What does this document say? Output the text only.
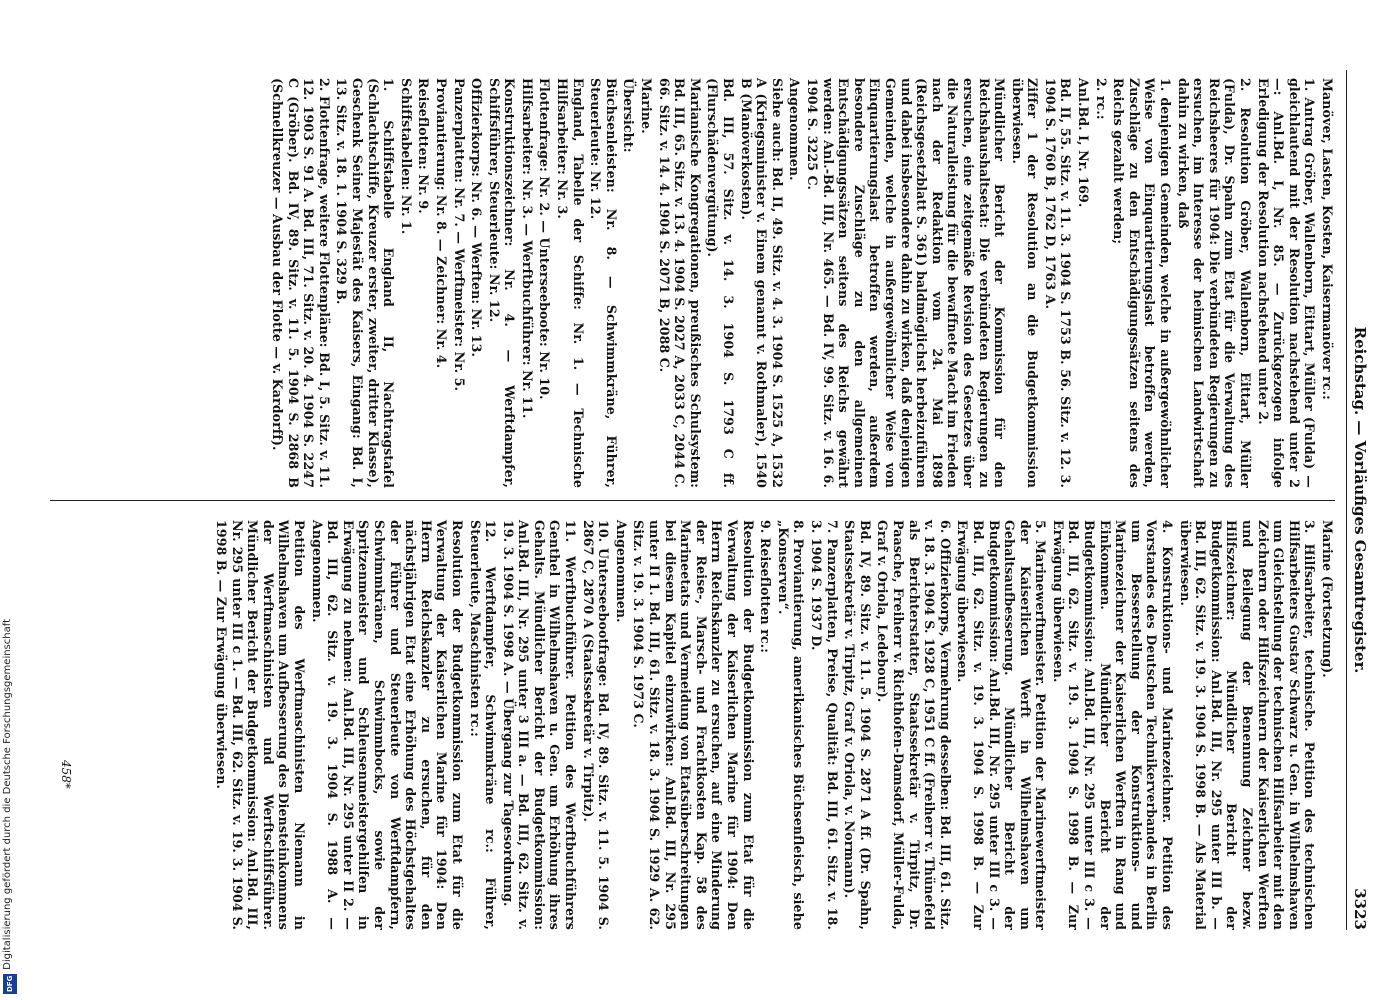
Digitalisierung gefördert durch die Deutsche Forschungsgemeinschaft
DFG
Reichstag. — Vorläufiges Gesamtregister.
3323

Manöver, Lasten, Kosten, Kaisermanöver rc.:

1. Antrag Gröber, Wallenborn, Eittart, Müller (Fulda) — gleichlautend mit der Resolution nachstehend unter 2 —: Anl.Bd. I, Nr. 85. — Zurückgezogen infolge Erledigung der Resolution nachstehend unter 2.

2. Resolution Gröber, Wallenborn, Eittart, Müller (Fulda), Dr. Spahn zum Etat für die Verwaltung des Reichsheeres für 1904: Die verbündeten Regierungen zu ersuchen, im Interesse der heimischen Landwirtschaft dahin zu wirken, daß

1. denjenigen Gemeinden, welche in außergewöhnlicher Weise von Einquartierungslast betroffen werden, Zuschläge zu den Entschädigungssätzen seitens des Reichs gezahlt werden;

2. rc.:

Anl.Bd. I, Nr. 169.

Bd. II, 55. Sitz. v. 11. 3. 1904 S. 1753 B. 56. Sitz. v. 12. 3. 1904 S. 1760 B, 1762 D, 1763 A.

Ziffer 1 der Resolution an die Budgetkommission überwiesen.

Mündlicher Bericht der Kommission für den Reichshaushaltsetat: Die verbündeten Regierungen zu ersuchen, eine zeitgemäße Revision des Gesetzes über die Naturalleistung für die bewaffnete Macht im Frieden nach der Redaktion vom 24. Mai 1898 (Reichsgesetzblatt S. 361) baldmöglichst herbeizuführen und dabei insbesondere dahin zu wirken, daß denjenigen Gemeinden, welche in außergewöhnlicher Weise von Einquartierungslast betroffen werden, außerdem besondere Zuschläge zu den allgemeinen Entschädigungssätzen seitens des Reichs gewährt werden: Anl.-Bd. III, Nr. 465. — Bd. IV, 99. Sitz. v. 16. 6. 1904 S. 3225 C.

Angenommen.

Siehe auch: Bd. II, 49. Sitz. v. 4. 3. 1904 S. 1525 A, 1532 A (Kriegsminister v. Einem genannt v. Rothmaler), 1540 B (Manöverkosten).

Bd. III, 57. Sitz. v. 14. 3. 1904 S. 1793 C ff. (Flurschädenvergütung).

Marianische Kongregationen, preußisches Schulsystem: Bd. III, 65. Sitz. v. 13. 4. 1904 S. 2027 A, 2033 C, 2044 C. 66. Sitz. v. 14. 4. 1904 S. 2071 B, 2088 C.

Marine.

Übersicht:

Büchsenleisten: Nr. 8. — Schwimmkräne, Führer, Steuerleute: Nr. 12.

England, Tabelle der Schiffe: Nr. 1. — Technische Hilfsarbeiter: Nr. 3.

Flottenfrage: Nr. 2. — Unterseeboote: Nr. 10.

Hilfsarbeiter: Nr. 3. — Werftbuchführer: Nr. 11.

Konstruktionszeichner: Nr. 4. — Werftdampfer, Schiffsführer, Steuerleute: Nr. 12.

Offizierkorps: Nr. 6. — Werften: Nr. 13.

Panzerplatten: Nr. 7. — Werftmeister: Nr. 5.

Proviantierung: Nr. 8. — Zeichner: Nr. 4.

Reiseflotten: Nr. 9.

Schiffstabellen: Nr. 1.

1. Schiffstabelle England II, Nachtragstafel (Schlachtschiffe, Kreuzer erster, zweiter, dritter Klasse), Geschenk Seiner Majestät des Kaisers, Eingang: Bd. I, 13. Sitz. v. 18. 1. 1904 S. 329 B.

2. Flottenfrage, weitere Flottenpläne: Bd. I, 5. Sitz. v. 11. 12. 1903 S. 91 A. Bd. III, 71. Sitz. v. 20. 4. 1904 S. 2247 C (Gröber). Bd. IV, 89. Sitz. v. 11. 5. 1904 S. 2868 B (Schnellkreuzer — Ausbau der Flotte — v. Kardorff).

Marine (Fortsetzung).

3. Hilfsarbeiter, technische. Petition des technischen Hilfsarbeiters Gustav Schwarz u. Gen. in Wilhelmshaven um Gleichstellung der technischen Hilfsarbeiter mit den Zeichnern oder Hilfszeichnern der Kaiserlichen Werften und Beilegung der Benennung Zeichner bezw. Hilfszeichner: Mündlicher Bericht der Budgetkommission: Anl.Bd. III, Nr. 295 unter III b. — Bd. III, 62. Sitz. v. 19. 3. 1904 S. 1998 B. — Als Material überwiesen.

4. Konstruktions- und Marinezeichner. Petition des Vorstandes des Deutschen Technikerverbandes in Berlin um Besserstellung der Konstruktions- und Marinezeichner der Kaiserlichen Werften in Rang und Einkommen. Mündlicher Bericht der Budgetkommission: Anl.Bd. III, Nr. 295 unter III c 3. — Bd. III, 62. Sitz. v. 19. 3. 1904 S. 1998 B. — Zur Erwägung überwiesen.

5. Marinewerftmeister. Petition der Marinewerftmeister der Kaiserlichen Werft in Wilhelmshaven um Gehaltsaufbesserung. Mündlicher Bericht der Budgetkommission: Anl.Bd. III, Nr. 295 unter III c 3. — Bd. III, 62. Sitz. v. 19. 3. 1904 S. 1998 B. — Zur Erwägung überwiesen.

6. Offizierkorps, Vermehrung desselben: Bd. III, 61. Sitz. v. 18. 3. 1904 S. 1928 C, 1951 C ff. (Freiherr v. Thünefeld als Berichterstatter, Staatssekretär v. Tirpitz, Dr. Paasche, Freiherr v. Richthofen-Damsdorf, Müller-Fulda, Graf v. Oriola, Ledebour).

Bd. IV, 89. Sitz. v. 11. 5. 1904 S. 2871 A ff. (Dr. Spahn, Staatssekretär v. Tirpitz, Graf v. Oriola, v. Normann).

7. Panzerplatten, Preise, Qualität: Bd. III, 61. Sitz. v. 18. 3. 1904 S. 1937 D.

8. Proviantierung, amerikanisches Büchsenfleisch, siehe „Konserven“.

9. Reiseflotten rc.:

Resolution der Budgetkommission zum Etat für die Verwaltung der Kaiserlichen Marine für 1904: Den Herrn Reichskanzler zu ersuchen, auf eine Minderung der Reise-, Marsch- und Frachtkosten Kap. 58 des Marineetats und Vermeidung von Etatsüberschreitungen bei diesem Kapitel einzuwirken: Anl.Bd. III, Nr. 295 unter II 1. Bd. III, 61. Sitz. v. 18. 3. 1904 S. 1929 A. 62. Sitz. v. 19. 3. 1904 S. 1973 C.

Angenommen.

10. Unterseebootfrage: Bd. IV, 89. Sitz. v. 11. 5. 1904 S. 2867 C, 2870 A (Staatssekretär v. Tirpitz).

11. Werftbuchführer. Petition des Werftbuchführers Genthel in Wilhelmshaven u. Gen. um Erhöhung ihres Gehalts. Mündlicher Bericht der Budgetkommission: Anl.Bd. III, Nr. 295 unter 3 III a. — Bd. III, 62. Sitz. v. 19. 3. 1904 S. 1998 A. — Übergang zur Tagesordnung.

12. Werftdampfer, Schwimmkräne rc.: Führer, Steuerleute, Maschinisten rc.:

Resolution der Budgetkommission zum Etat für die Verwaltung der Kaiserlichen Marine für 1904: Den Herrn Reichskanzler zu ersuchen, für den nächstjährigen Etat eine Erhöhung des Höchstgehaltes der Führer und Steuerleute von Werftdampfern, Schwimmkränen, Schwimmbocks, sowie der Spritzenmeister und Schleusenmeistergehilfen in Erwägung zu nehmen: Anl.Bd. III, Nr. 295 unter II 2. — Bd. III, 62. Sitz. v. 19. 3. 1904 S. 1988 A. — Angenommen.

Petition des Werftmaschinisten Niemann in Wilhelmshaven um Aufbesserung des Diensteinkommens der Werftmaschinisten und Werftschiffsführer. Mündlicher Bericht der Budgetkommission: Anl.Bd. III, Nr. 295 unter III c 1. — Bd. III, 62. Sitz. v. 19. 3. 1904 S. 1998 B. — Zur Erwägung überwiesen.

458*
